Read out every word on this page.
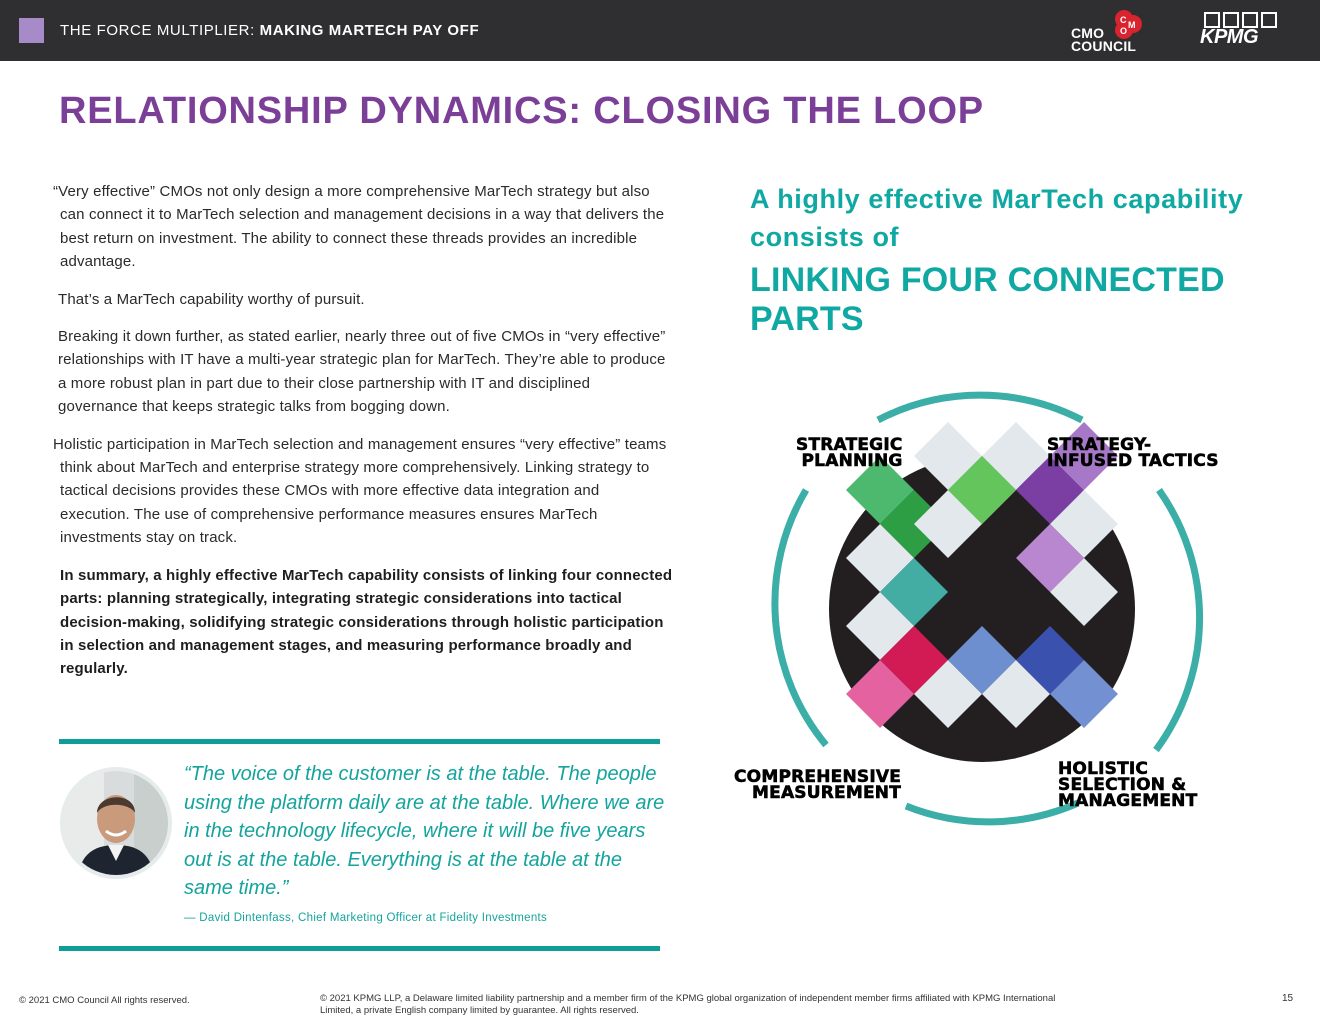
THE FORCE MULTIPLIER: MAKING MARTECH PAY OFF
C M
O
CMO
COUNCIL	KPMG
RELATIONSHIP DYNAMICS: CLOSING THE LOOP

“Very effective” CMOs not only design a more comprehensive MarTech strategy but also can connect it to MarTech selection and management decisions in a way that delivers the best return on investment. The ability to connect these threads provides an incredible advantage.

That’s a MarTech capability worthy of pursuit.

Breaking it down further, as stated earlier, nearly three out of five CMOs in “very effective” relationships with IT have a multi-year strategic plan for MarTech. They’re able to produce a more robust plan in part due to their close partnership with IT and disciplined governance that keeps strategic talks from bogging down.

Holistic participation in MarTech selection and management ensures “very effective” teams think about MarTech and enterprise strategy more comprehensively. Linking strategy to tactical decisions provides these CMOs with more effective data integration and execution. The use of comprehensive performance measures ensures MarTech investments stay on track.

In summary, a highly effective MarTech capability consists of linking four connected parts: planning strategically, integrating strategic considerations into tactical decision-making, solidifying strategic considerations through holistic participation in selection and management stages, and measuring performance broadly and regularly.

“The voice of the customer is at the table. The people using the platform daily are at the table. Where we are in the technology lifecycle, where it will be five years out is at the table. Everything is at the table at the same time.”
— David Dintenfass, Chief Marketing Officer at Fidelity Investments
A highly effective MarTech capability consists of
LINKING FOUR CONNECTED PARTS
STRATEGIC
PLANNING
STRATEGY-
INFUSED TACTICS
COMPREHENSIVE
MEASUREMENT
HOLISTIC
SELECTION &
MANAGEMENT
© 2021 CMO Council All rights reserved.	© 2021 KPMG LLP, a Delaware limited liability partnership and a member firm of the KPMG global organization of independent member firms affiliated with KPMG International Limited, a private English company limited by guarantee. All rights reserved.
15
